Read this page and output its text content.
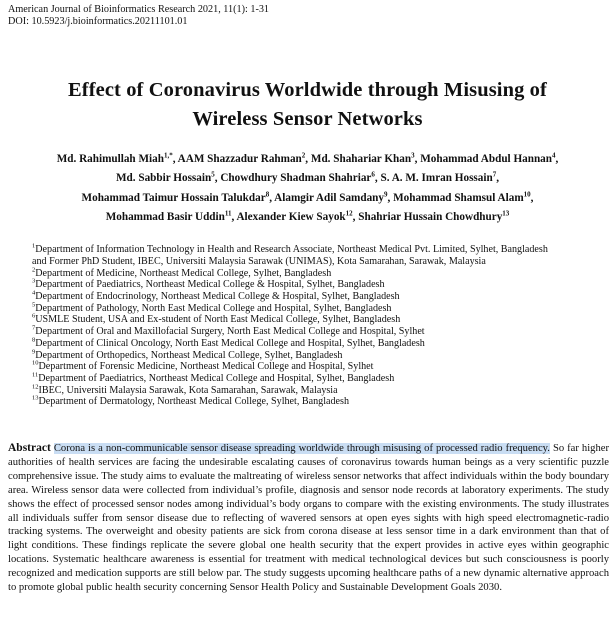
American Journal of Bioinformatics Research 2021, 11(1): 1-31
DOI: 10.5923/j.bioinformatics.20211101.01
Effect of Coronavirus Worldwide through Misusing of
Wireless Sensor Networks
Md. Rahimullah Miah$^{1,*}$, AAM Shazzadur Rahman$^2$, Md. Shahariar Khan$^3$, Mohammad Abdul Hannan$^4$,
Md. Sabbir Hossain$^5$, Chowdhury Shadman Shahriar$^6$, S. A. M. Imran Hossain$^7$,
Mohammad Taimur Hossain Talukdar$^8$, Alamgir Adil Samdany$^9$, Mohammad Shamsul Alam$^{10}$,
Mohammad Basir Uddin$^{11}$, Alexander Kiew Sayok$^{12}$, Shahriar Hussain Chowdhury$^{13}$
$^1$Department of Information Technology in Health and Research Associate, Northeast Medical Pvt. Limited, Sylhet, Bangladesh
and Former PhD Student, IBEC, Universiti Malaysia Sarawak (UNIMAS), Kota Samarahan, Sarawak, Malaysia
$^2$Department of Medicine, Northeast Medical College, Sylhet, Bangladesh
$^3$Department of Paediatrics, Northeast Medical College & Hospital, Sylhet, Bangladesh
$^4$Department of Endocrinology, Northeast Medical College & Hospital, Sylhet, Bangladesh
$^5$Department of Pathology, North East Medical College and Hospital, Sylhet, Bangladesh
$^6$USMLE Student, USA and Ex-student of North East Medical College, Sylhet, Bangladesh
$^7$Department of Oral and Maxillofacial Surgery, North East Medical College and Hospital, Sylhet
$^8$Department of Clinical Oncology, North East Medical College and Hospital, Sylhet, Bangladesh
$^9$Department of Orthopedics, Northeast Medical College, Sylhet, Bangladesh
$^{10}$Department of Forensic Medicine, Northeast Medical College and Hospital, Sylhet
$^{11}$Department of Paediatrics, Northeast Medical College and Hospital, Sylhet, Bangladesh
$^{12}$IBEC, Universiti Malaysia Sarawak, Kota Samarahan, Sarawak, Malaysia
$^{13}$Department of Dermatology, Northeast Medical College, Sylhet, Bangladesh
Abstract Corona is a non-communicable sensor disease spreading worldwide through misusing of processed radio frequency. So far higher authorities of health services are facing the undesirable escalating causes of coronavirus towards human beings as a very scientific puzzle comprehensive issue. The study aims to evaluate the maltreating of wireless sensor networks that affect individuals within the body boundary area. Wireless sensor data were collected from individual’s profile, diagnosis and sensor node records at laboratory experiments. The study shows the effect of processed sensor nodes among individual’s body organs to compare with the existing environments. The study illustrates all individuals suffer from sensor disease due to reflecting of wavered sensors at open eyes sights with high speed electromagnetic-radio tracking systems. The overweight and obesity patients are sick from corona disease at less sensor time in a dark environment than that of light conditions. These findings replicate the severe global one health security that the expert provides in active eyes within geographic locations. Systematic healthcare awareness is essential for treatment with medical technological devices but such consciousness is poorly recognized and medication supports are still below par. The study suggests upcoming healthcare paths of a new dynamic alternative approach to promote global public health security concerning Sensor Health Policy and Sustainable Development Goals 2030.
